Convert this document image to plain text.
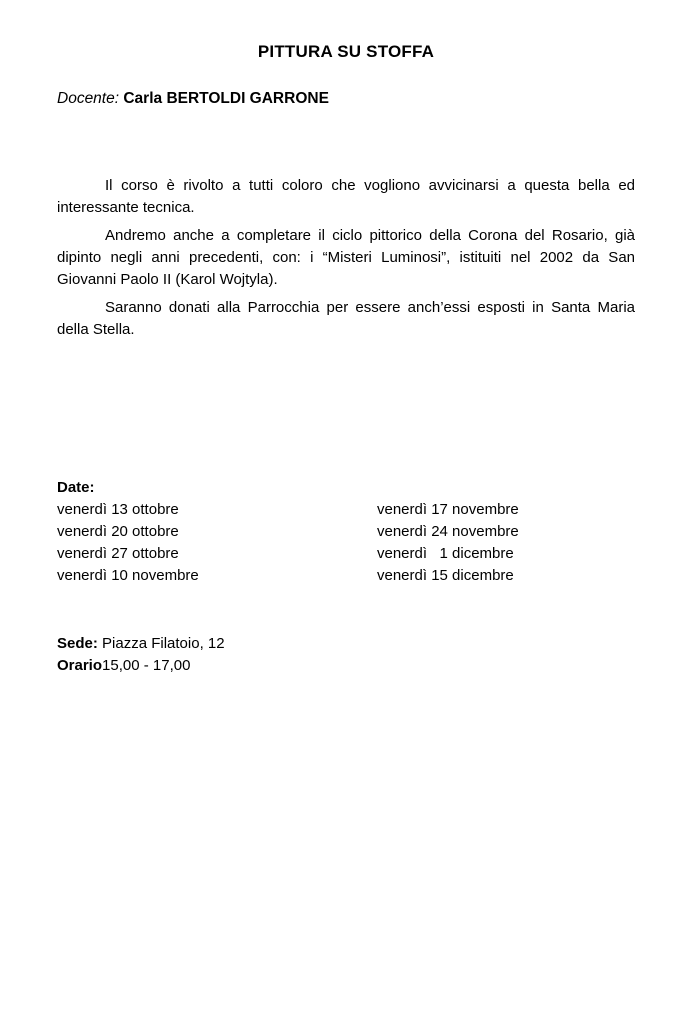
PITTURA SU STOFFA
Docente: Carla BERTOLDI GARRONE

Il corso è rivolto a tutti coloro che vogliono avvicinarsi a questa bella ed interessante tecnica.

Andremo anche a completare il ciclo pittorico della Corona del Rosario, già dipinto negli anni precedenti, con: i “Misteri Luminosi”, istituiti nel 2002 da San Giovanni Paolo II (Karol Wojtyla).

Saranno donati alla Parrocchia per essere anch’essi esposti in Santa Maria della Stella.

Date:
venerdì 13 ottobre
venerdì 20 ottobre
venerdì 27 ottobre
venerdì 10 novembre
venerdì 17 novembre
venerdì 24 novembre
venerdì   1 dicembre
venerdì 15 dicembre
Sede: Piazza Filatoio, 12
Orario15,00 - 17,00
